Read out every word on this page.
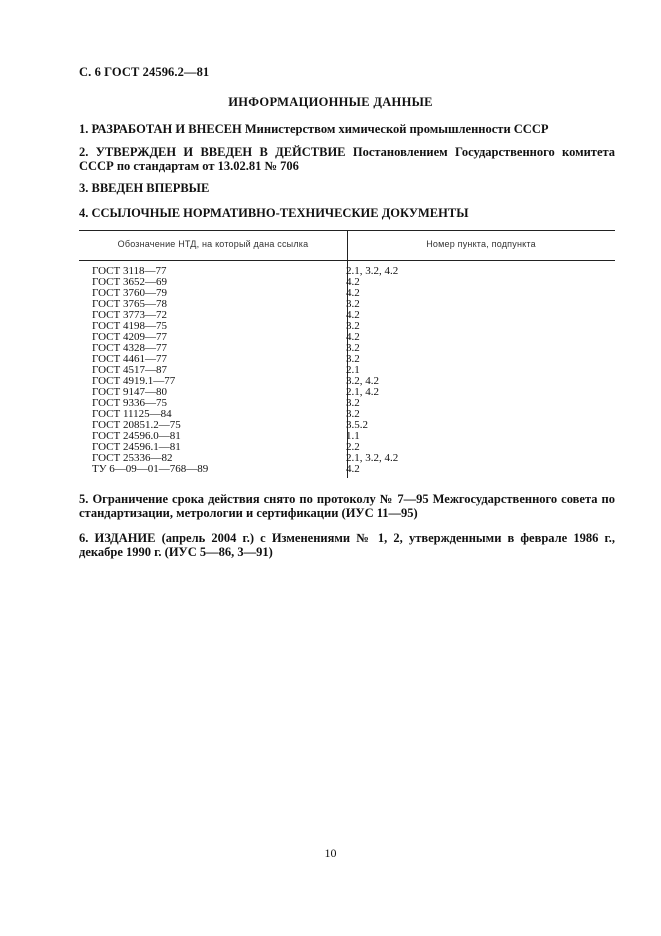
С. 6 ГОСТ 24596.2—81
ИНФОРМАЦИОННЫЕ ДАННЫЕ
1. РАЗРАБОТАН И ВНЕСЕН Министерством химической промышленности СССР
2. УТВЕРЖДЕН И ВВЕДЕН В ДЕЙСТВИЕ Постановлением Государственного комитета СССР по стандартам от 13.02.81 № 706
3. ВВЕДЕН ВПЕРВЫЕ
4. ССЫЛОЧНЫЕ НОРМАТИВНО-ТЕХНИЧЕСКИЕ ДОКУМЕНТЫ
Обозначение НТД, на который дана ссылка	Номер пункта, подпункта
ГОСТ 3118—77
ГОСТ 3652—69
ГОСТ 3760—79
ГОСТ 3765—78
ГОСТ 3773—72
ГОСТ 4198—75
ГОСТ 4209—77
ГОСТ 4328—77
ГОСТ 4461—77
ГОСТ 4517—87
ГОСТ 4919.1—77
ГОСТ 9147—80
ГОСТ 9336—75
ГОСТ 11125—84
ГОСТ 20851.2—75
ГОСТ 24596.0—81
ГОСТ 24596.1—81
ГОСТ 25336—82
ТУ 6—09—01—768—89
2.1, 3.2, 4.2
4.2
4.2
3.2
4.2
3.2
4.2
3.2
3.2
2.1
3.2, 4.2
2.1, 4.2
3.2
3.2
3.5.2
1.1
2.2
2.1, 3.2, 4.2
4.2
5. Ограничение срока действия снято по протоколу № 7—95 Межгосударственного совета по стандартизации, метрологии и сертификации (ИУС 11—95)
6. ИЗДАНИЕ (апрель 2004 г.) с Изменениями № 1, 2, утвержденными в феврале 1986 г., декабре 1990 г. (ИУС 5—86, 3—91)
10
